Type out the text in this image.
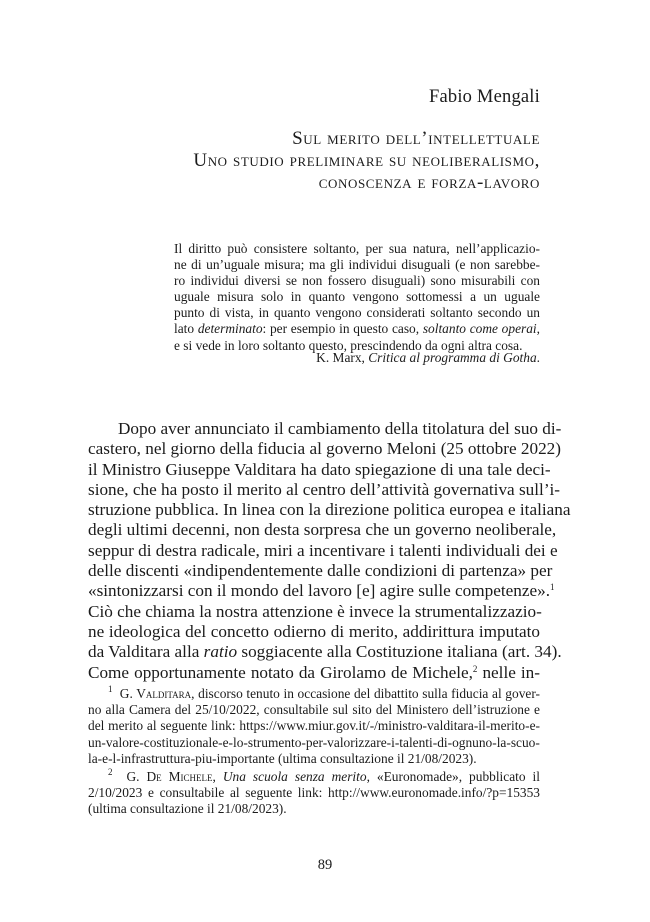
Fabio Mengali
Sul merito dell’intellettuale
Uno studio preliminare su neoliberalismo,
conoscenza e forza-lavoro
Il diritto può consistere soltanto, per sua natura, nell’applicazio-
ne di un’uguale misura; ma gli individui disuguali (e non sarebbe-
ro individui diversi se non fossero disuguali) sono misurabili con
uguale misura solo in quanto vengono sottomessi a un uguale
punto di vista, in quanto vengono considerati soltanto secondo un
lato determinato: per esempio in questo caso, soltanto come operai,
e si vede in loro soltanto questo, prescindendo da ogni altra cosa.
K. Marx, Critica al programma di Gotha.
Dopo aver annunciato il cambiamento della titolatura del suo di-
castero, nel giorno della fiducia al governo Meloni (25 ottobre 2022)
il Ministro Giuseppe Valditara ha dato spiegazione di una tale deci-
sione, che ha posto il merito al centro dell’attività governativa sull’i-
struzione pubblica. In linea con la direzione politica europea e italiana
degli ultimi decenni, non desta sorpresa che un governo neoliberale,
seppur di destra radicale, miri a incentivare i talenti individuali dei e
delle discenti «indipendentemente dalle condizioni di partenza» per
«sintonizzarsi con il mondo del lavoro [e] agire sulle competenze».$^1$
Ciò che chiama la nostra attenzione è invece la strumentalizzazio-
ne ideologica del concetto odierno di merito, addirittura imputato
da Valditara alla ratio soggiacente alla Costituzione italiana (art. 34).
Come opportunamente notato da Girolamo de Michele,$^2$ nelle in-
$^1$ G. Valditara, discorso tenuto in occasione del dibattito sulla fiducia al gover-
no alla Camera del 25/10/2022, consultabile sul sito del Ministero dell’istruzione e
del merito al seguente link: https://www.miur.gov.it/-/ministro-valditara-il-merito-e-
un-valore-costituzionale-e-lo-strumento-per-valorizzare-i-talenti-di-ognuno-la-scuo-
la-e-l-infrastruttura-piu-importante (ultima consultazione il 21/08/2023).
$^2$ G. De Michele, Una scuola senza merito, «Euronomade», pubblicato il
2/10/2023 e consultabile al seguente link: http://www.euronomade.info/?p=15353
(ultima consultazione il 21/08/2023).
89
